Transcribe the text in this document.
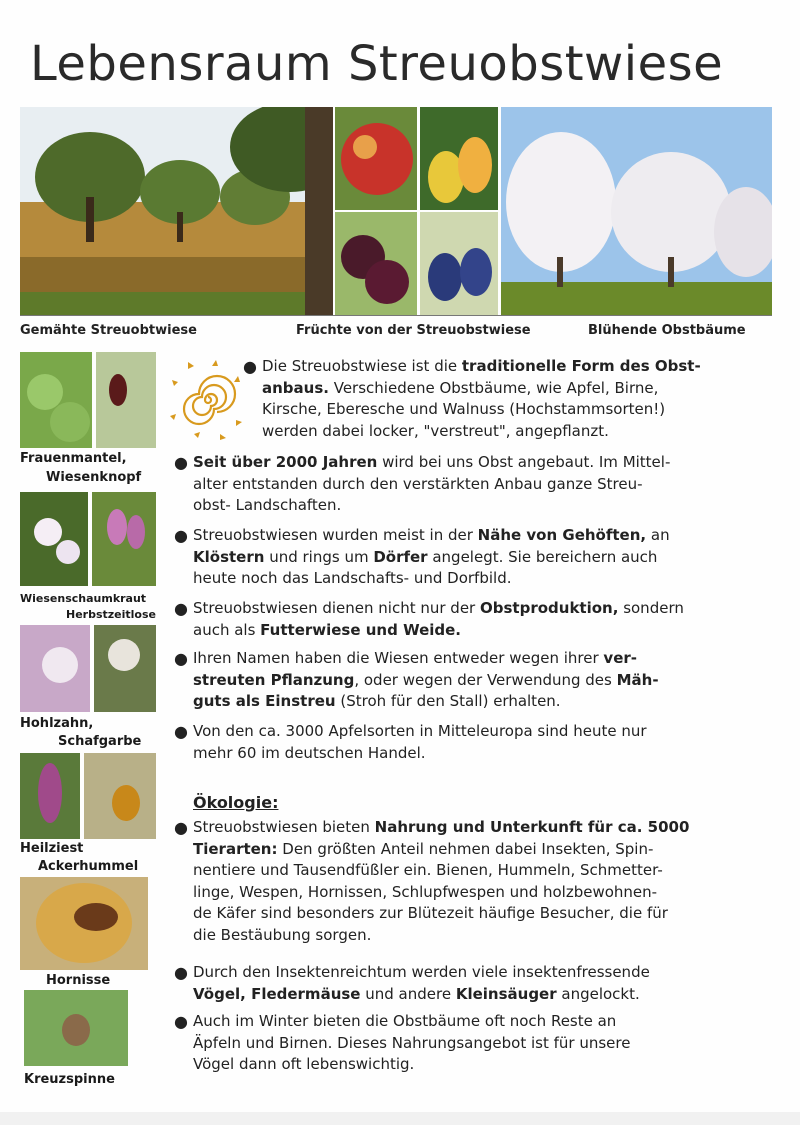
Lebensraum Streuobstwiese
Gemähte Streuobtwiese	Früchte von der Streuobstwiese	Blühende Obstbäume
Frauenmantel,
Wiesenknopf
Wiesenschaumkraut
Herbstzeitlose
Hohlzahn,
Schafgarbe
Heilziest
Ackerhummel
Hornisse
Kreuzspinne
● Die Streuobstwiese ist die traditionelle Form des Obst-
anbaus. Verschiedene Obstbäume, wie Apfel, Birne,
Kirsche, Eberesche und Walnuss (Hochstammsorten!)
werden dabei locker, "verstreut", angepflanzt.
● Seit über 2000 Jahren wird bei uns Obst angebaut. Im Mittel-
alter entstanden durch den verstärkten Anbau ganze Streu-
obst- Landschaften.
● Streuobstwiesen wurden meist in der Nähe von Gehöften, an
Klöstern und rings um Dörfer angelegt. Sie bereichern auch
heute noch das Landschafts- und Dorfbild.
● Streuobstwiesen dienen nicht nur der Obstproduktion, sondern
auch als Futterwiese und Weide.
● Ihren Namen haben die Wiesen entweder wegen ihrer ver-
streuten Pflanzung, oder wegen der Verwendung des Mäh-
guts als Einstreu (Stroh für den Stall) erhalten.
● Von den ca. 3000 Apfelsorten in Mitteleuropa sind heute nur
mehr 60 im deutschen Handel.
Ökologie:
● Streuobstwiesen bieten Nahrung und Unterkunft für ca. 5000
Tierarten: Den größten Anteil nehmen dabei Insekten, Spin-
nentiere und Tausendfüßler ein. Bienen, Hummeln, Schmetter-
linge, Wespen, Hornissen, Schlupfwespen und holzbewohnen-
de Käfer sind besonders zur Blütezeit häufige Besucher, die für
die Bestäubung sorgen.
● Durch den Insektenreichtum werden viele insektenfressende
Vögel, Fledermäuse und andere Kleinsäuger angelockt.
● Auch im Winter bieten die Obstbäume oft noch Reste an
Äpfeln und Birnen. Dieses Nahrungsangebot ist für unsere
Vögel dann oft lebenswichtig.
